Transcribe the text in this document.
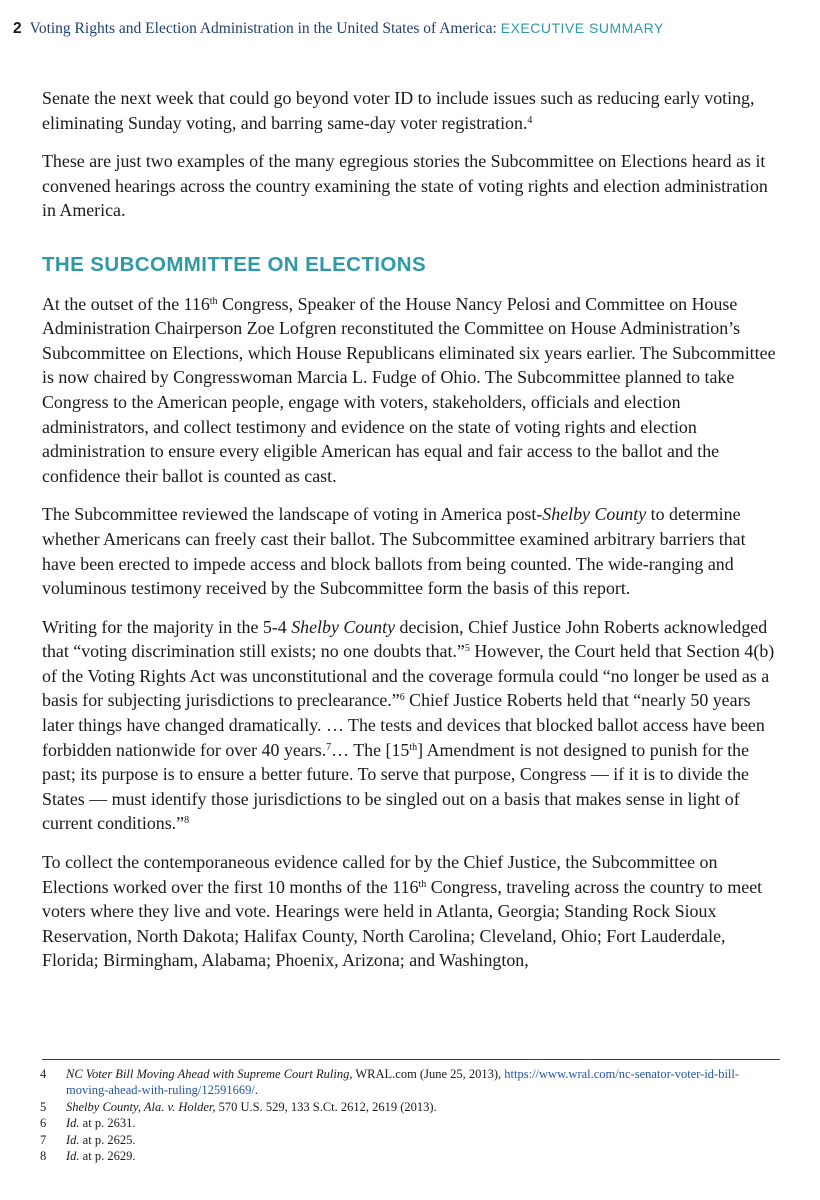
2 Voting Rights and Election Administration in the United States of America: EXECUTIVE SUMMARY

Senate the next week that could go beyond voter ID to include issues such as reducing early voting, eliminating Sunday voting, and barring same-day voter registration.$^4$

These are just two examples of the many egregious stories the Subcommittee on Elections heard as it convened hearings across the country examining the state of voting rights and election administration in America.

THE SUBCOMMITTEE ON ELECTIONS

At the outset of the 116th Congress, Speaker of the House Nancy Pelosi and Committee on House Administration Chairperson Zoe Lofgren reconstituted the Committee on House Administration’s Subcommittee on Elections, which House Republicans eliminated six years earlier. The Subcommittee is now chaired by Congresswoman Marcia L. Fudge of Ohio. The Subcommittee planned to take Congress to the American people, engage with voters, stakeholders, officials and election administrators, and collect testimony and evidence on the state of voting rights and election administration to ensure every eligible American has equal and fair access to the ballot and the confidence their ballot is counted as cast.

The Subcommittee reviewed the landscape of voting in America post-Shelby County to determine whether Americans can freely cast their ballot. The Subcommittee examined arbitrary barriers that have been erected to impede access and block ballots from being counted. The wide-ranging and voluminous testimony received by the Subcommittee form the basis of this report.

Writing for the majority in the 5-4 Shelby County decision, Chief Justice John Roberts acknowledged that “voting discrimination still exists; no one doubts that.”$^5$ However, the Court held that Section 4(b) of the Voting Rights Act was unconstitutional and the coverage formula could “no longer be used as a basis for subjecting jurisdictions to preclearance.”$^6$ Chief Justice Roberts held that “nearly 50 years later things have changed dramatically. … The tests and devices that blocked ballot access have been forbidden nationwide for over 40 years.$^7$… The [15th] Amendment is not designed to punish for the past; its purpose is to ensure a better future. To serve that purpose, Congress — if it is to divide the States — must identify those jurisdictions to be singled out on a basis that makes sense in light of current conditions.”$^8$

To collect the contemporaneous evidence called for by the Chief Justice, the Subcommittee on Elections worked over the first 10 months of the 116th Congress, traveling across the country to meet voters where they live and vote. Hearings were held in Atlanta, Georgia; Standing Rock Sioux Reservation, North Dakota; Halifax County, North Carolina; Cleveland, Ohio; Fort Lauderdale, Florida; Birmingham, Alabama; Phoenix, Arizona; and Washington,

4	NC Voter Bill Moving Ahead with Supreme Court Ruling, WRAL.com (June 25, 2013), https://www.wral.com/nc-senator-voter-id-bill-moving-ahead-with-ruling/12591669/.
5	Shelby County, Ala. v. Holder, 570 U.S. 529, 133 S.Ct. 2612, 2619 (2013).
6	Id. at p. 2631.
7	Id. at p. 2625.
8	Id. at p. 2629.
